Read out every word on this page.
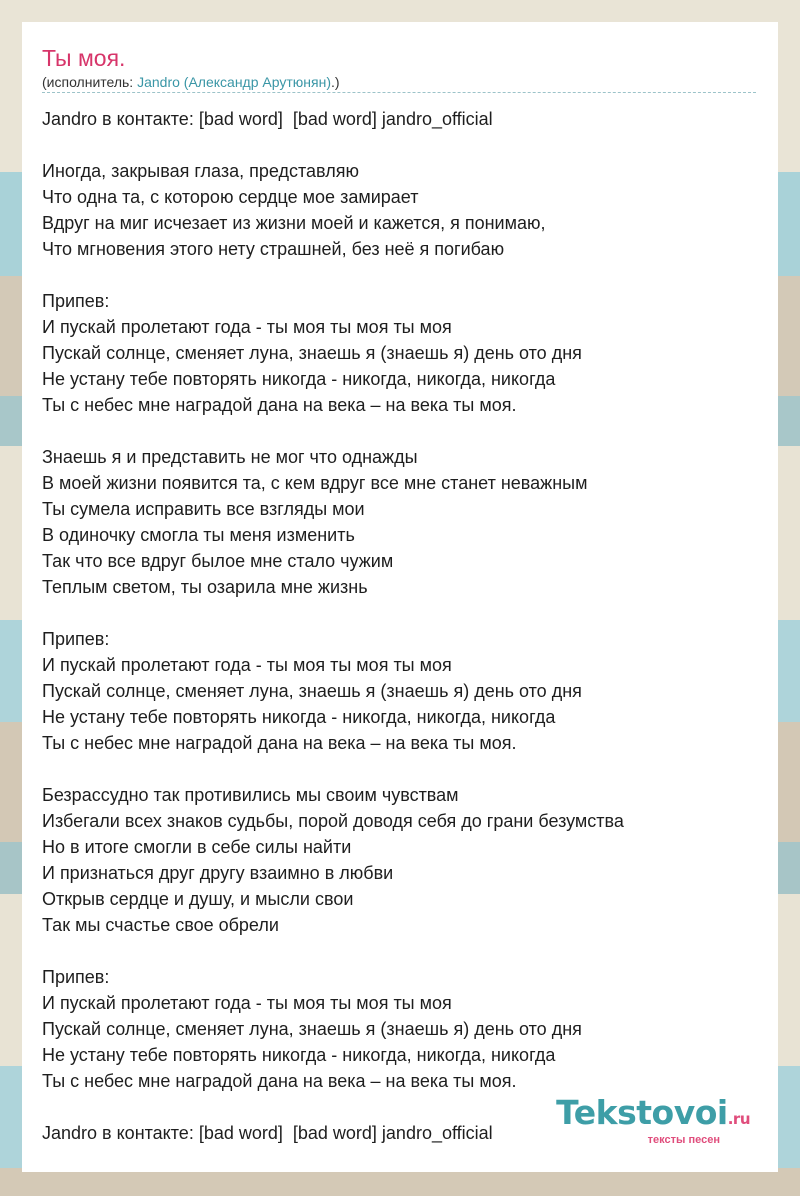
Ты моя.
(исполнитель: Jandro (Александр Арутюнян).)
Jandro в контакте: [bad word]  [bad word] jandro_official
Иногда, закрывая глаза, представляю
Что одна та, с которою сердце мое замирает
Вдруг на миг исчезает из жизни моей и кажется, я понимаю,
Что мгновения этого нету страшней, без неё я погибаю
Припев:
И пускай пролетают года - ты моя ты моя ты моя
Пускай солнце, сменяет луна, знаешь я (знаешь я) день ото дня
Не устану тебе повторять никогда - никогда, никогда, никогда
Ты с небес мне наградой дана на века – на века ты моя.
Знаешь я и представить не мог что однажды
В моей жизни появится та, с кем вдруг все мне станет неважным
Ты сумела исправить все взгляды мои
В одиночку смогла ты меня изменить
Так что все вдруг былое мне стало чужим
Теплым светом, ты озарила мне жизнь
Припев:
И пускай пролетают года - ты моя ты моя ты моя
Пускай солнце, сменяет луна, знаешь я (знаешь я) день ото дня
Не устану тебе повторять никогда - никогда, никогда, никогда
Ты с небес мне наградой дана на века – на века ты моя.
Безрассудно так противились мы своим чувствам
Избегали всех знаков судьбы, порой доводя себя до грани безумства
Но в итоге смогли в себе силы найти
И признаться друг другу взаимно в любви
Открыв сердце и душу, и мысли свои
Так мы счастье свое обрели
Припев:
И пускай пролетают года - ты моя ты моя ты моя
Пускай солнце, сменяет луна, знаешь я (знаешь я) день ото дня
Не устану тебе повторять никогда - никогда, никогда, никогда
Ты с небес мне наградой дана на века – на века ты моя.
Jandro в контакте: [bad word]  [bad word] jandro_official
Tekstovoi.ru
тексты песен
